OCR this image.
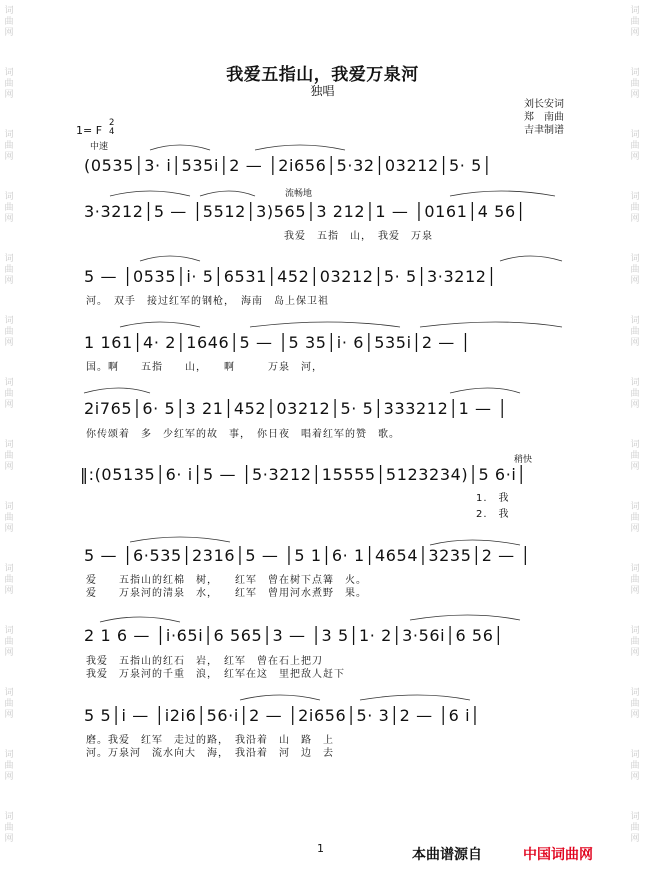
词
曲
网
词
曲
网
词
曲
网
词
曲
网
词
曲
网
词
曲
网
词
曲
网
词
曲
网
词
曲
网
词
曲
网
词
曲
网
词
曲
网
词
曲
网
词
曲
网
词
曲
网
词
曲
网
词
曲
网
词
曲
网
词
曲
网
词
曲
网
词
曲
网
词
曲
网
词
曲
网
词
曲
网
词
曲
网
词
曲
网
词
曲
网
词
曲
网
我爱五指山，我爱万泉河
独唱
刘长安词
郑　南曲
吉聿制谱
1= F
2
4
中速
流畅地
稍快
(0535│3· i│535i│2 — │2i656│5·32│03212│5· 5│
3·3212│5 — │5512│3)565│3 212│1 — │0161│4 56│
我爱　五指　山，　我爱　万泉
5 — │0535│i· 5│6531│452│03212│5· 5│3·3212│
河。　双手　接过红军的钢枪，　海南　岛上保卫祖
1 161│4· 2│1646│5 — │5 35│i· 6│535i│2 — │
国。啊　　五指　　山，　　啊　　　万泉　河，
2i765│6· 5│3 21│452│03212│5· 5│333212│1 — │
你传颂着　多　少红军的故　事，　你日夜　唱着红军的赞　歌。
‖:(05135│6· i│5 — │5·3212│15555│5123234)│5 6·i│
1.　我
2.　我
5 — │6·535│2316│5 — │5 1│6· 1│4654│3235│2 — │
爱　　五指山的红棉　树，　　红军　曾在树下点篝　火。
爱　　万泉河的清泉　水，　　红军　曾用河水煮野　果。
2 1 6 — │i·65i│6 565│3 — │3 5│1· 2│3·56i│6 56│
我爱　五指山的红石　岩，　红军　曾在石上把刀
我爱　万泉河的千重　浪，　红军在这　里把敌人赶下
5 5│i — │i2i6│56·i│2 — │2i656│5· 3│2 — │6 i│
磨。我爱　红军　走过的路，　我沿着　山　路　上
河。万泉河　流水向大　海，　我沿着　河　边　去
1	本曲谱源自	中国词曲网
